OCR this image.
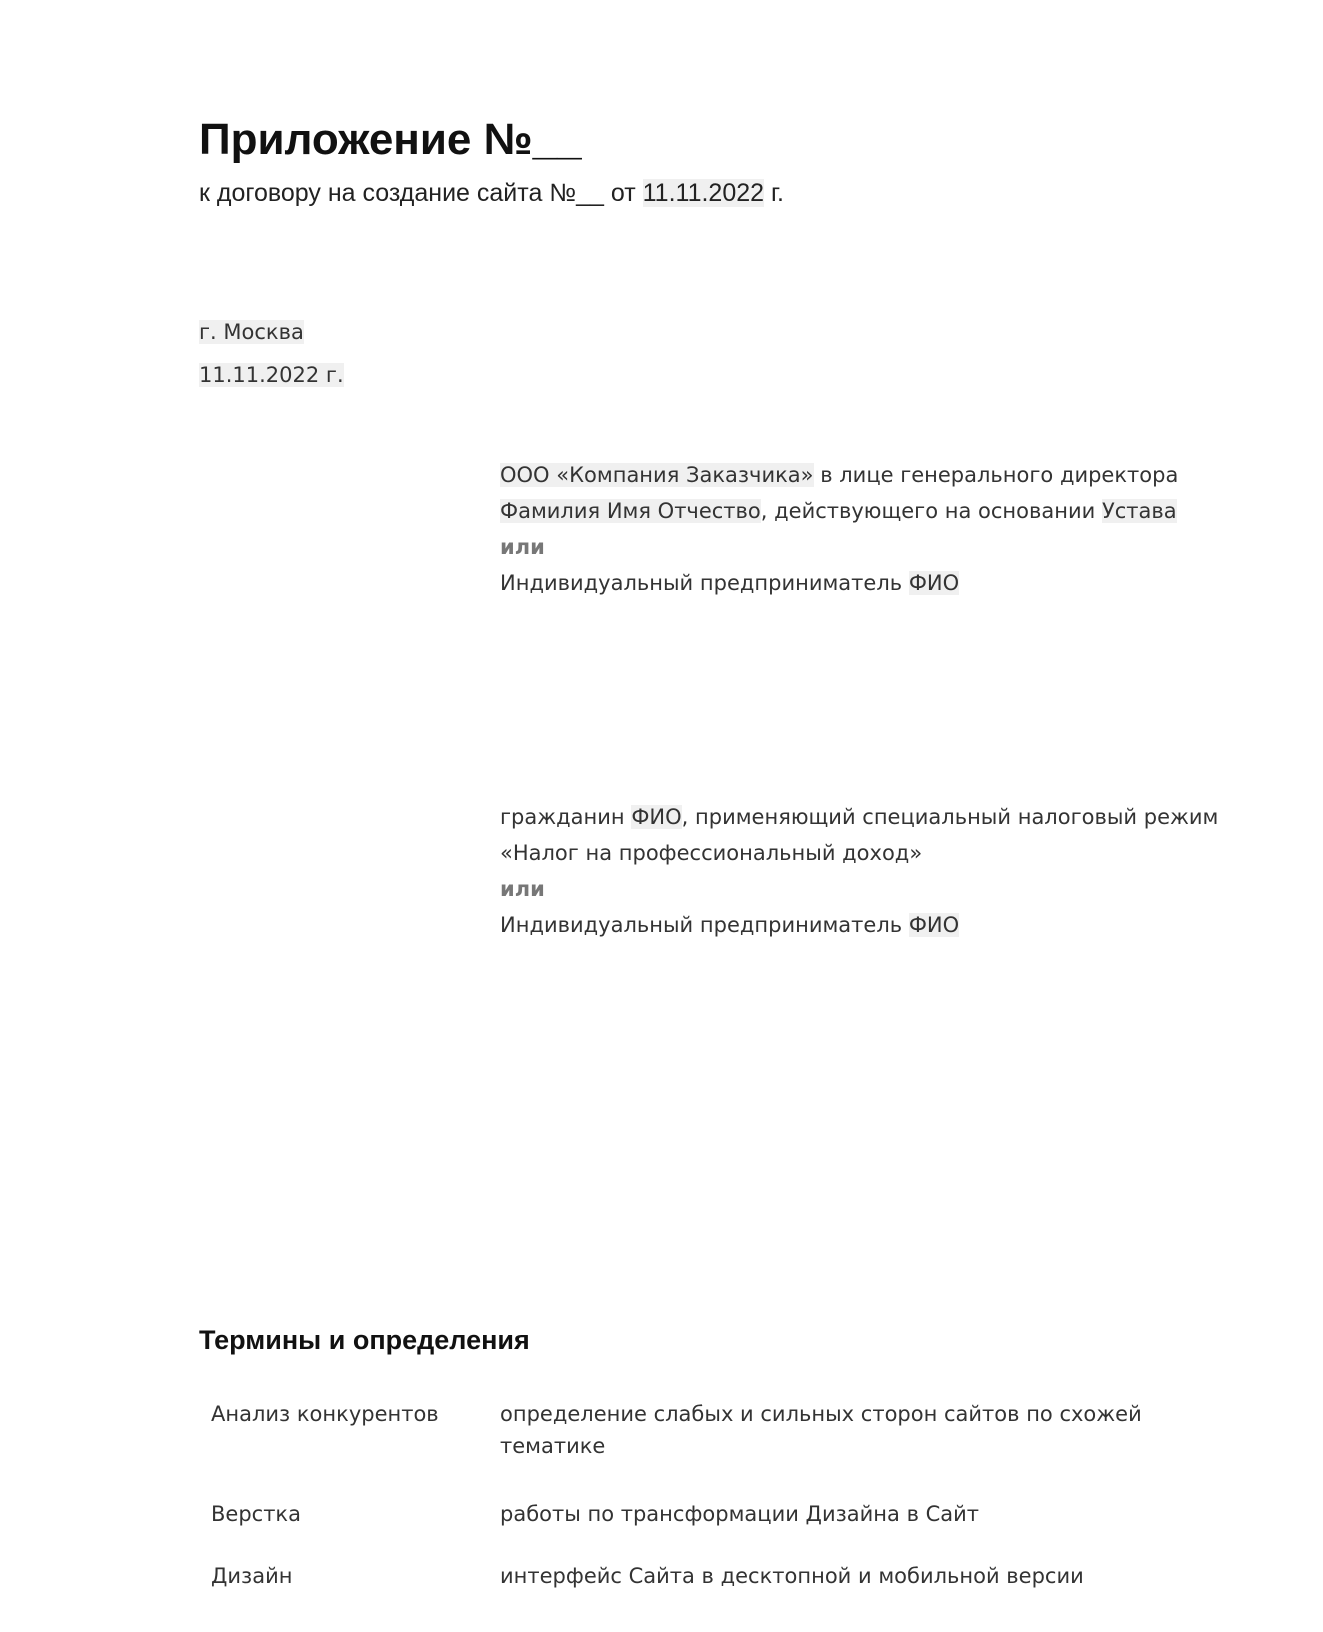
Приложение №__
к договору на создание сайта №__ от 11.11.2022 г.
г. Москва
11.11.2022 г.
ООО «Компания Заказчика» в лице генерального директора
Фамилия Имя Отчество, действующего на основании Устава
или
Индивидуальный предприниматель ФИО
гражданин ФИО, применяющий специальный налоговый режим
«Налог на профессиональный доход»
или
Индивидуальный предприниматель ФИО
Термины и определения
Анализ конкурентов	определение слабых и сильных сторон сайтов по схожей тематике
Верстка	работы по трансформации Дизайна в Сайт
Дизайн	интерфейс Сайта в десктопной и мобильной версии
